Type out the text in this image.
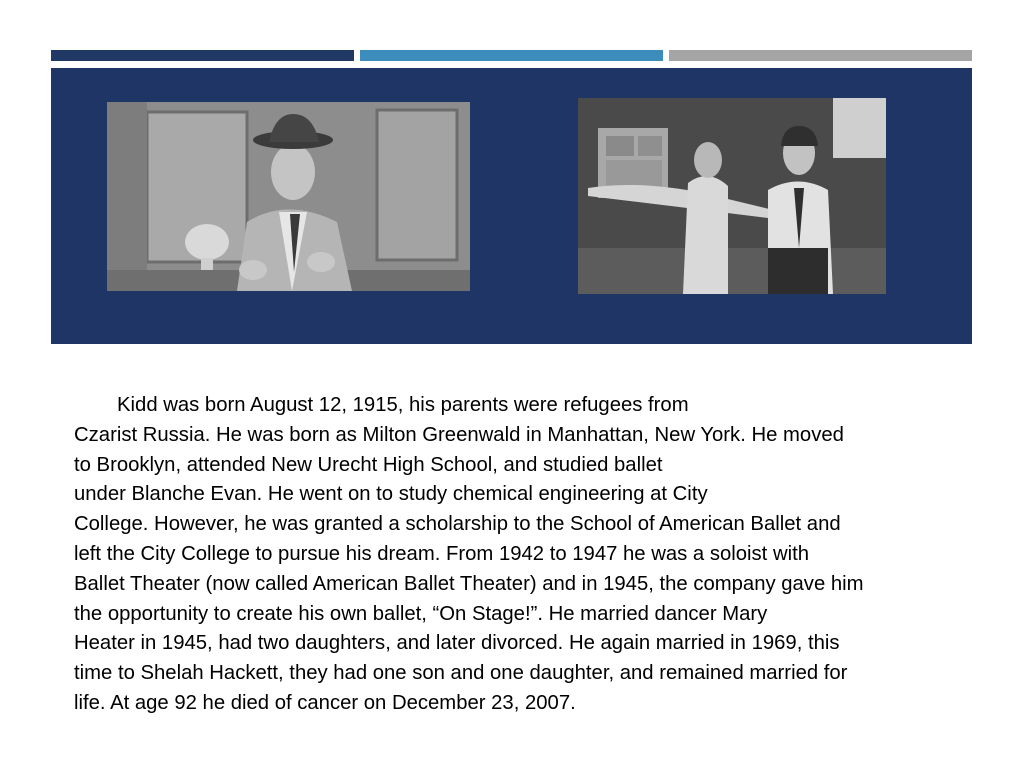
Kidd was born August 12, 1915, his parents were refugees from
Czarist Russia. He was born as Milton Greenwald in Manhattan, New York. He moved
to Brooklyn, attended New Urecht High School, and studied ballet
under Blanche Evan. He went on to study chemical engineering at City
College. However, he was granted a scholarship to the School of American Ballet and
left the City College to pursue his dream. From 1942 to 1947 he was a soloist with
Ballet Theater (now called American Ballet Theater) and in 1945, the company gave him
the opportunity to create his own ballet, “On Stage!”. He married dancer Mary
Heater in 1945, had two daughters, and later divorced. He again married in 1969, this
time to Shelah Hackett, they had one son and one daughter, and remained married for
life. At age 92 he died of cancer on December 23, 2007.
